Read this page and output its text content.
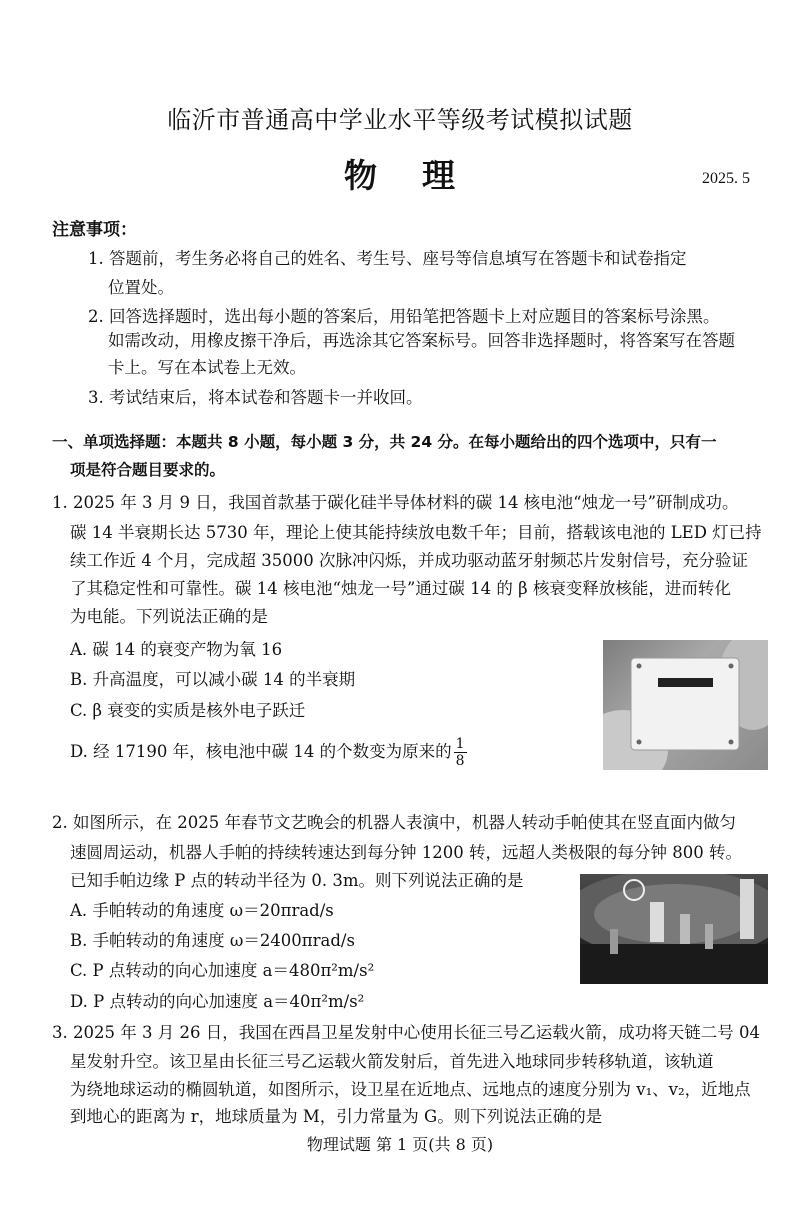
临沂市普通高中学业水平等级考试模拟试题
物 理	2025. 5
注意事项：
1. 答题前，考生务必将自己的姓名、考生号、座号等信息填写在答题卡和试卷指定
位置处。
2. 回答选择题时，选出每小题的答案后，用铅笔把答题卡上对应题目的答案标号涂黑。
如需改动，用橡皮擦干净后，再选涂其它答案标号。回答非选择题时，将答案写在答题
卡上。写在本试卷上无效。
3. 考试结束后，将本试卷和答题卡一并收回。
一、单项选择题：本题共 8 小题，每小题 3 分，共 24 分。在每小题给出的四个选项中，只有一
项是符合题目要求的。
1. 2025 年 3 月 9 日，我国首款基于碳化硅半导体材料的碳 14 核电池“烛龙一号”研制成功。
碳 14 半衰期长达 5730 年，理论上使其能持续放电数千年；目前，搭载该电池的 LED 灯已持
续工作近 4 个月，完成超 35000 次脉冲闪烁，并成功驱动蓝牙射频芯片发射信号，充分验证
了其稳定性和可靠性。碳 14 核电池“烛龙一号”通过碳 14 的 β 核衰变释放核能，进而转化
为电能。下列说法正确的是
A. 碳 14 的衰变产物为氧 16
B. 升高温度，可以减小碳 14 的半衰期
C. β 衰变的实质是核外电子跃迁
D. 经 17190 年，核电池中碳 14 的个数变为原来的 $\frac{1}{8}$
2. 如图所示，在 2025 年春节文艺晚会的机器人表演中，机器人转动手帕使其在竖直面内做匀
速圆周运动，机器人手帕的持续转速达到每分钟 1200 转，远超人类极限的每分钟 800 转。
已知手帕边缘 P 点的转动半径为 0. 3m。则下列说法正确的是
A. 手帕转动的角速度 ω＝20πrad/s
B. 手帕转动的角速度 ω＝2400πrad/s
C. P 点转动的向心加速度 a＝480π²m/s²
D. P 点转动的向心加速度 a＝40π²m/s²
3. 2025 年 3 月 26 日，我国在西昌卫星发射中心使用长征三号乙运载火箭，成功将天链二号 04
星发射升空。该卫星由长征三号乙运载火箭发射后，首先进入地球同步转移轨道，该轨道
为绕地球运动的椭圆轨道，如图所示，设卫星在近地点、远地点的速度分别为 v₁、v₂，近地点
到地心的距离为 r，地球质量为 M，引力常量为 G。则下列说法正确的是
物理试题 第 1 页(共 8 页)
